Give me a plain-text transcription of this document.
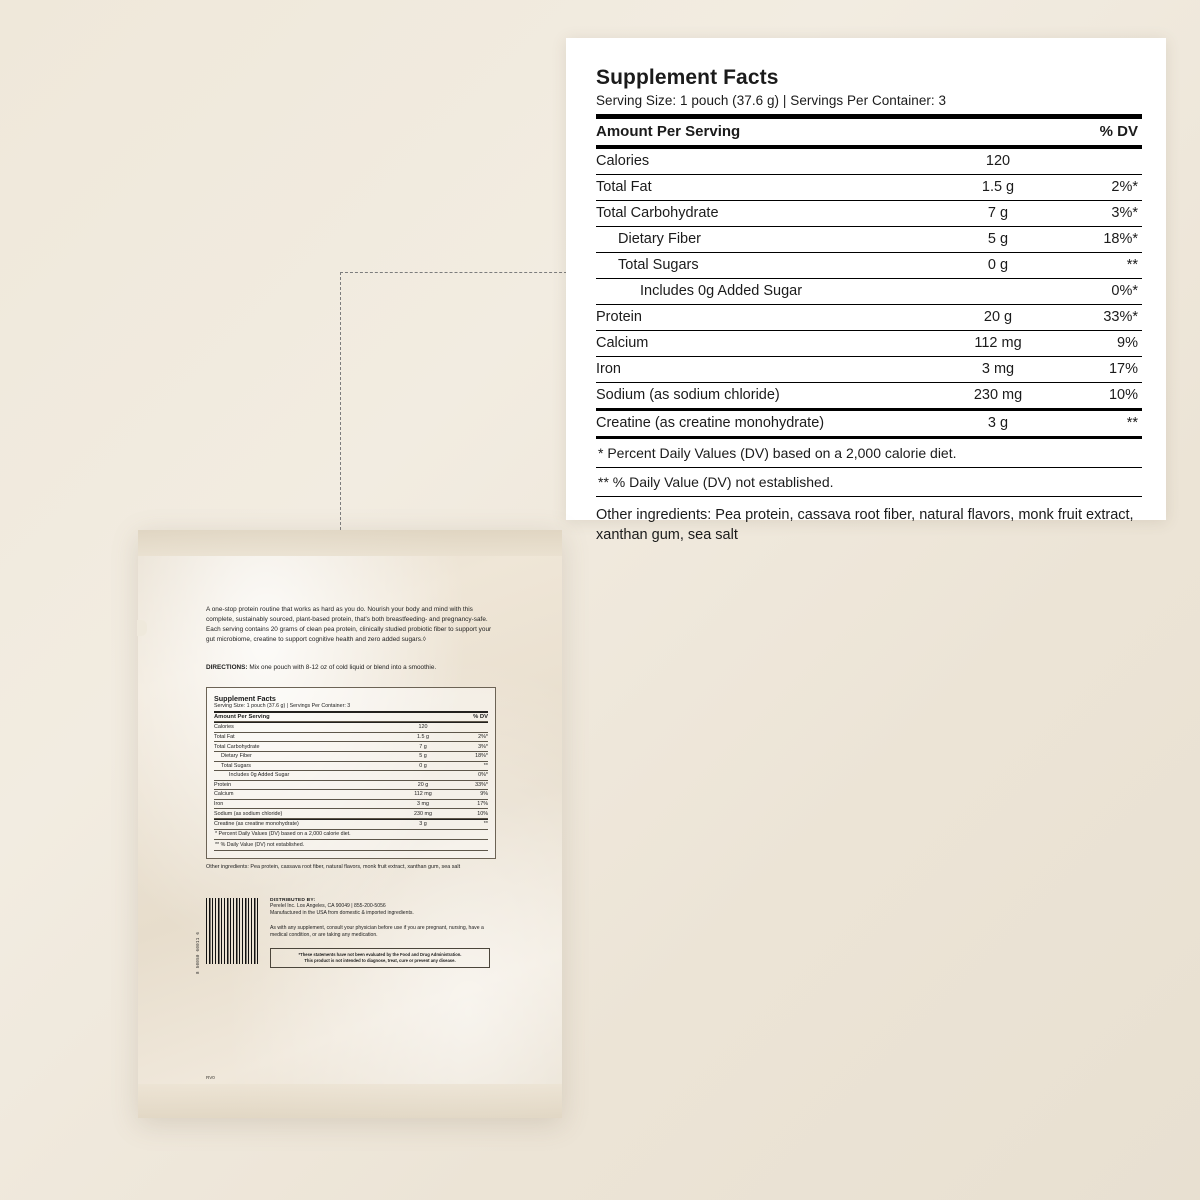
Supplement Facts
Serving Size: 1 pouch (37.6 g) | Servings Per Container: 3
Amount Per Serving		% DV
Calories	120	
Total Fat	1.5 g	2%*
Total Carbohydrate	7 g	3%*
Dietary Fiber	5 g	18%*
Total Sugars	0 g	**
Includes 0g Added Sugar		0%*
Protein	20 g	33%*
Calcium	112 mg	9%
Iron	3 mg	17%
Sodium (as sodium chloride)	230 mg	10%
Creatine (as creatine monohydrate)	3 g	**
* Percent Daily Values (DV) based on a 2,000 calorie diet.
** % Daily Value (DV) not established.
Other ingredients: Pea protein, cassava root fiber, natural flavors, monk fruit extract, xanthan gum, sea salt
A one-stop protein routine that works as hard as you do. Nourish your body and mind with this complete, sustainably sourced, plant-based protein, that's both breastfeeding- and pregnancy-safe. Each serving contains 20 grams of clean pea protein, clinically studied probiotic fiber to support your gut microbiome, creatine to support cognitive health and zero added sugars.◊
DIRECTIONS: Mix one pouch with 8-12 oz of cold liquid or blend into a smoothie.
Supplement Facts
Serving Size: 1 pouch (37.6 g) | Servings Per Container: 3
Amount Per Serving		% DV
Calories	120	
Total Fat	1.5 g	2%*
Total Carbohydrate	7 g	3%*
Dietary Fiber	5 g	18%*
Total Sugars	0 g	**
Includes 0g Added Sugar		0%*
Protein	20 g	33%*
Calcium	112 mg	9%
Iron	3 mg	17%
Sodium (as sodium chloride)	230 mg	10%
Creatine (as creatine monohydrate)	3 g	**
* Percent Daily Values (DV) based on a 2,000 calorie diet.
** % Daily Value (DV) not established.
Other ingredients: Pea protein, cassava root fiber, natural flavors, monk fruit extract, xanthan gum, sea salt
8 50050 60011 6
DISTRIBUTED BY:
Perelel Inc. Los Angeles, CA 90049 | 855-200-5056
Manufactured in the USA from domestic & imported ingredients.
As with any supplement, consult your physician before use if you are pregnant, nursing, have a medical condition, or are taking any medication.
*These statements have not been evaluated by the Food and Drug Administration.
This product is not intended to diagnose, treat, cure or prevent any disease.
RV0
